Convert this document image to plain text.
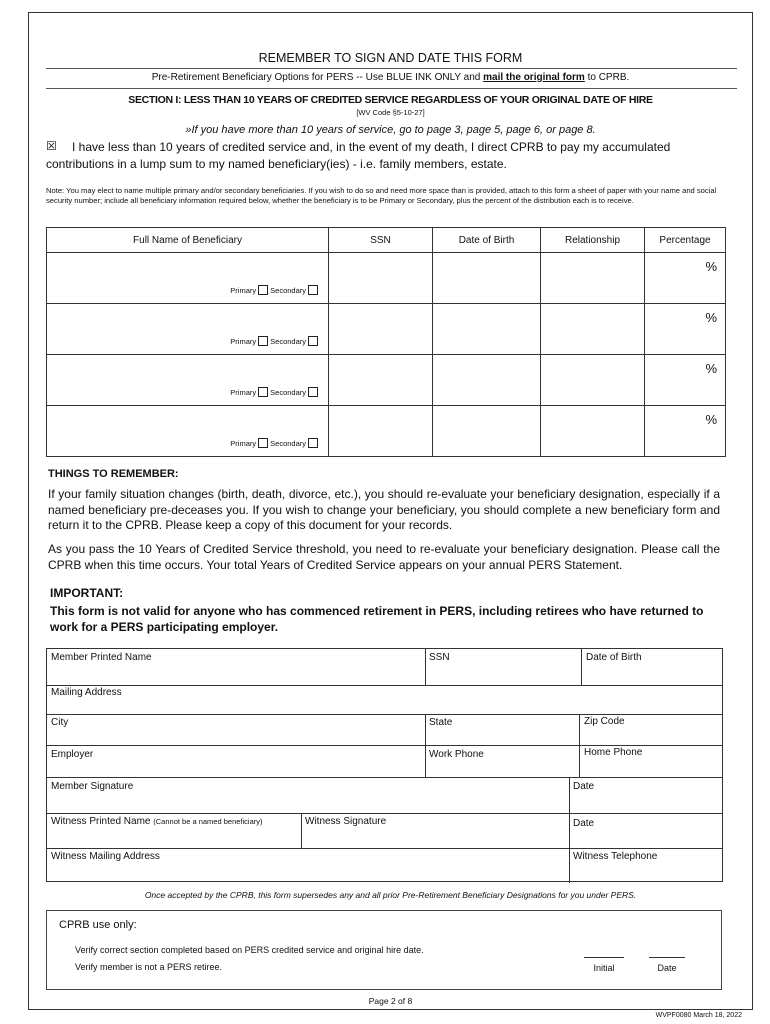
REMEMBER TO SIGN AND DATE THIS FORM
Pre-Retirement Beneficiary Options for PERS -- Use BLUE INK ONLY and mail the original form to CPRB.
SECTION I: LESS THAN 10 YEARS OF CREDITED SERVICE REGARDLESS OF YOUR ORIGINAL DATE OF HIRE
[WV Code §5-10-27]
»If you have more than 10 years of service, go to page 3, page 5, page 6, or page 8.
☒ I have less than 10 years of credited service and, in the event of my death, I direct CPRB to pay my accumulated
contributions in a lump sum to my named beneficiary(ies) - i.e. family members, estate.
Note: You may elect to name multiple primary and/or secondary beneficiaries. If you wish to do so and need more space than is provided, attach to this form a sheet of paper with your name and social security number; include all beneficiary information required below, whether the beneficiary is to be Primary or Secondary, plus the percent of the distribution each is to receive.
Full Name of Beneficiary	SSN	Date of Birth	Relationship	Percentage

Primary Secondary				%

Primary Secondary				%

Primary Secondary				%

Primary Secondary				%
THINGS TO REMEMBER:
If your family situation changes (birth, death, divorce, etc.), you should re-evaluate your beneficiary designation, especially if a named beneficiary pre-deceases you. If you wish to change your beneficiary, you should complete a new beneficiary form and return it to the CPRB. Please keep a copy of this document for your records.
As you pass the 10 Years of Credited Service threshold, you need to re-evaluate your beneficiary designation. Please call the CPRB when this time occurs. Your total Years of Credited Service appears on your annual PERS Statement.
IMPORTANT:
This form is not valid for anyone who has commenced retirement in PERS, including retirees who have returned to work for a PERS participating employer.
Member Printed Name	SSN	Date of Birth
Mailing Address
City	State	Zip Code
Employer	Work Phone	Home Phone
Member Signature	Date
Witness Printed Name (Cannot be a named beneficiary)	Witness Signature	Date
Witness Mailing Address	Witness Telephone
Once accepted by the CPRB, this form supersedes any and all prior Pre-Retirement Beneficiary Designations for you under PERS.
CPRB use only:
Verify correct section completed based on PERS credited service and original hire date.
Verify member is not a PERS retiree.	Initial	Date
Page 2 of 8
WVPF0080 March 18, 2022
